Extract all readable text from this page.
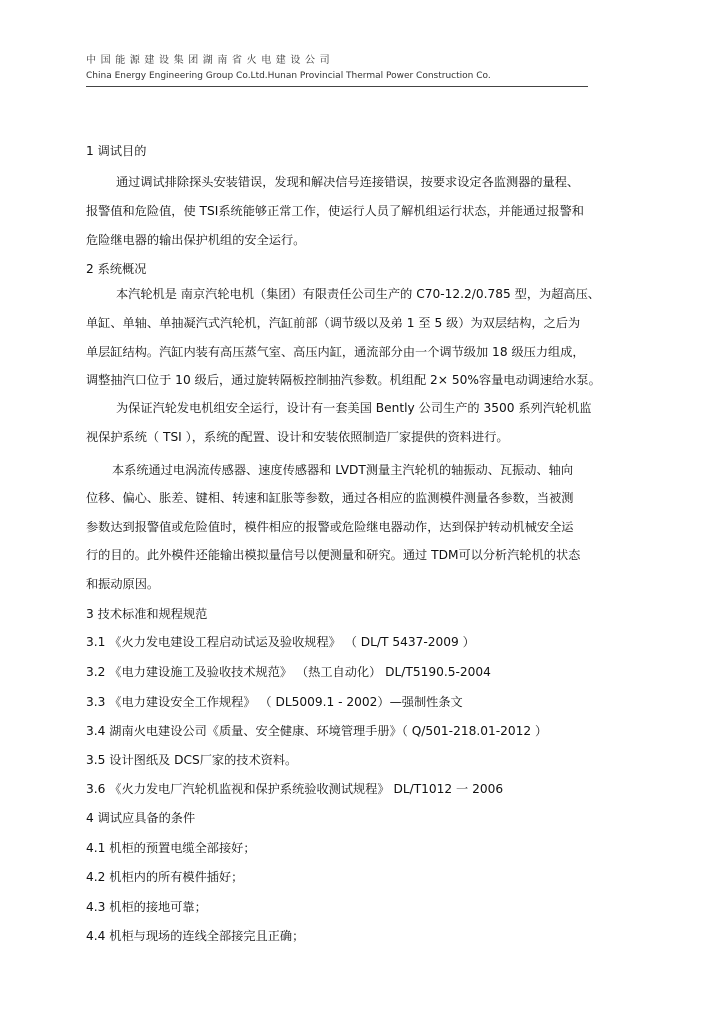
中国能源建设集团湖南省火电建设公司
China Energy Engineering Group Co.Ltd.Hunan Provincial Thermal Power Construction Co.
1 调试目的
通过调试排除探头安装错误，发现和解决信号连接错误，按要求设定各监测器的量程、
报警值和危险值，使 TSI系统能够正常工作，使运行人员了解机组运行状态，并能通过报警和
危险继电器的输出保护机组的安全运行。
2 系统概况
本汽轮机是 南京汽轮电机（集团）有限责任公司生产的 C70-12.2/0.785 型，为超高压、
单缸、单轴、单抽凝汽式汽轮机，汽缸前部（调节级以及弟 1 至 5 级）为双层结构，之后为
单层缸结构。汽缸内装有高压蒸气室、高压内缸，通流部分由一个调节级加 18 级压力组成，
调整抽汽口位于 10 级后，通过旋转隔板控制抽汽参数。机组配 2× 50%容量电动调速给水泵。
为保证汽轮发电机组安全运行，设计有一套美国 Bently 公司生产的 3500 系列汽轮机监
视保护系统（ TSI ），系统的配置、设计和安装依照制造厂家提供的资料进行。
本系统通过电涡流传感器、速度传感器和 LVDT测量主汽轮机的轴振动、瓦振动、轴向
位移、偏心、胀差、键相、转速和缸胀等参数，通过各相应的监测模件测量各参数，当被测
参数达到报警值或危险值时，模件相应的报警或危险继电器动作，达到保护转动机械安全运
行的目的。此外模件还能输出模拟量信号以便测量和研究。通过 TDM可以分析汽轮机的状态
和振动原因。
3 技术标准和规程规范
3.1 《火力发电建设工程启动试运及验收规程》 （ DL/T 5437-2009 ）
3.2 《电力建设施工及验收技术规范》 （热工自动化） DL/T5190.5-2004
3.3 《电力建设安全工作规程》 （ DL5009.1 - 2002）—强制性条文
3.4 湖南火电建设公司《质量、安全健康、环境管理手册》（ Q/501-218.01-2012 ）
3.5 设计图纸及 DCS厂家的技术资料。
3.6 《火力发电厂汽轮机监视和保护系统验收测试规程》 DL/T1012 一 2006
4 调试应具备的条件
4.1 机柜的预置电缆全部接好；
4.2 机柜内的所有模件插好；
4.3 机柜的接地可靠；
4.4 机柜与现场的连线全部接完且正确；
